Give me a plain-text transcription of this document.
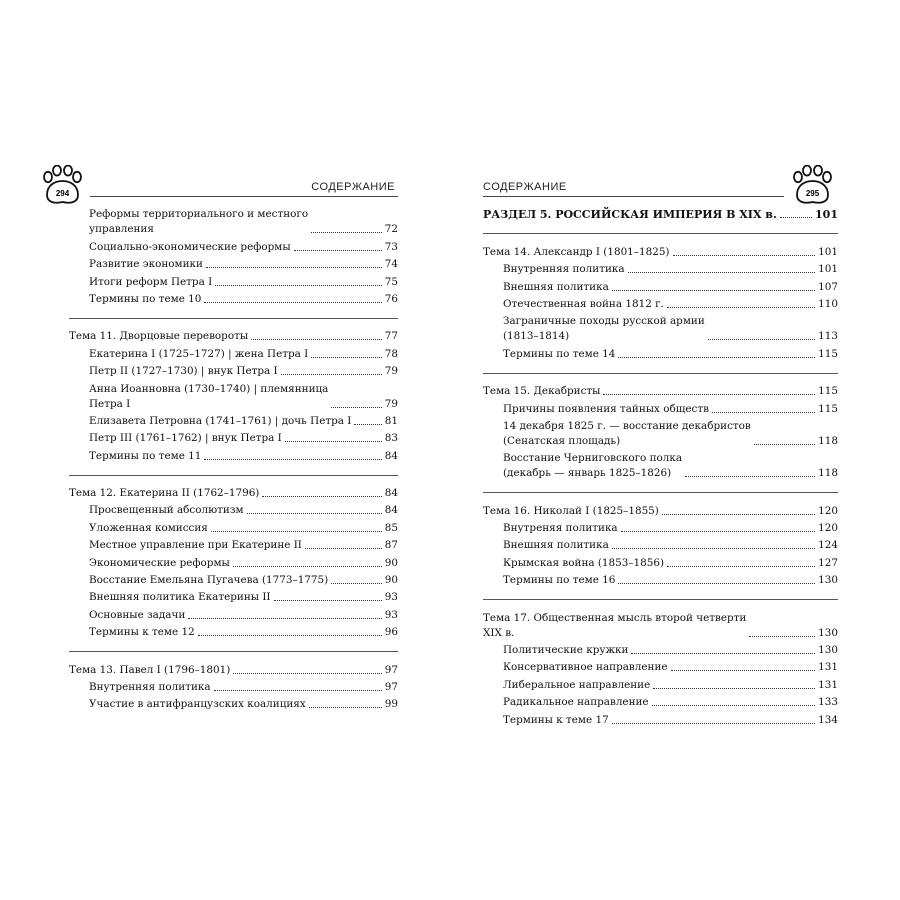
294
СОДЕРЖАНИЕ
Реформы территориального и местного
управления	72
Социально-экономические реформы	73
Развитие экономики	74
Итоги реформ Петра I	75
Термины по теме 10	76
Тема 11. Дворцовые перевороты	77
Екатерина I (1725–1727) | жена Петра I	78
Петр II (1727–1730) | внук Петра I	79
Анна Иоанновна (1730–1740) | племянница
Петра I	79
Елизавета Петровна (1741–1761) | дочь Петра I	81
Петр III (1761–1762) | внук Петра I	83
Термины по теме 11	84
Тема 12. Екатерина II (1762–1796)	84
Просвещенный абсолютизм	84
Уложенная комиссия	85
Местное управление при Екатерине II	87
Экономические реформы	90
Восстание Емельяна Пугачева (1773–1775)	90
Внешняя политика Екатерины II	93
Основные задачи	93
Термины к теме 12	96
Тема 13. Павел I (1796–1801)	97
Внутренняя политика	97
Участие в антифранцузских коалициях	99
СОДЕРЖАНИЕ
295
РАЗДЕЛ 5. РОССИЙСКАЯ ИМПЕРИЯ В XIX в.	101
Тема 14. Александр I (1801–1825)	101
Внутренняя политика	101
Внешняя политика	107
Отечественная война 1812 г.	110
Заграничные походы русской армии
(1813–1814)	113
Термины по теме 14	115
Тема 15. Декабристы	115
Причины появления тайных обществ	115
14 декабря 1825 г. — восстание декабристов
(Сенатская площадь)	118
Восстание Черниговского полка
(декабрь — январь 1825–1826)	118
Тема 16. Николай I (1825–1855)	120
Внутреняя политика	120
Внешняя политика	124
Крымская война (1853–1856)	127
Термины по теме 16	130
Тема 17. Общественная мысль второй четверти
XIX в.	130
Политические кружки	130
Консервативное направление	131
Либеральное направление	131
Радикальное направление	133
Термины к теме 17	134
